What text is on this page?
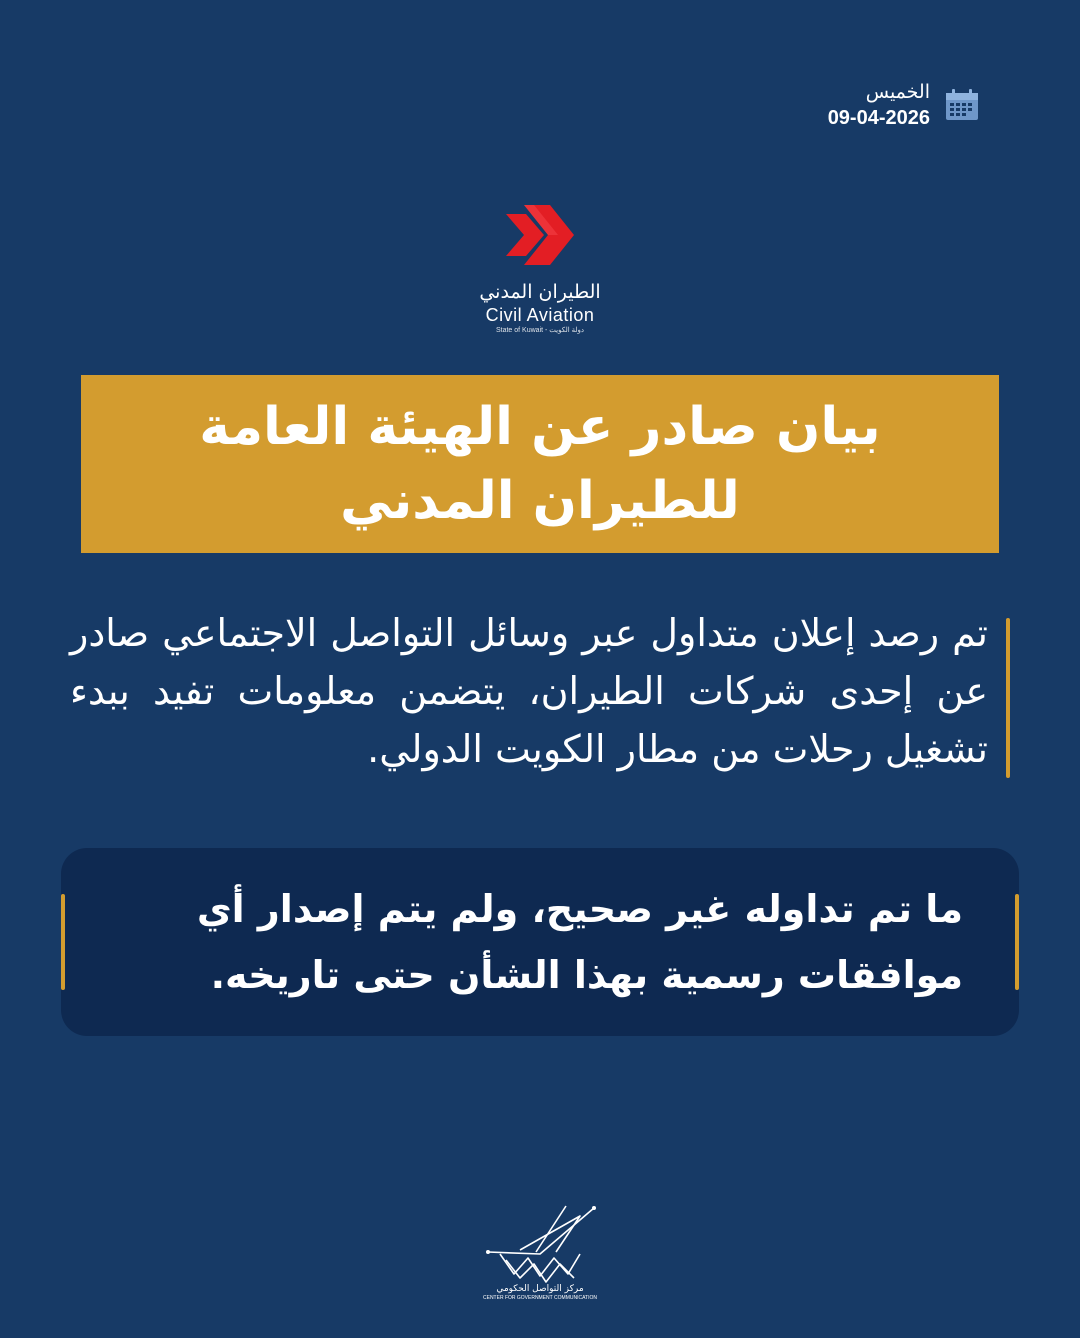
الخميس
09-04-2026
الطيران المدني
Civil Aviation
State of Kuwait - دولة الكويت
بيان صادر عن الهيئة العامة
للطيران المدني

تم رصد إعلان متداول عبر وسائل التواصل الاجتماعي صادر عن إحدى شركات الطيران، يتضمن معلومات تفيد ببدء تشغيل رحلات من مطار الكويت الدولي.

ما تم تداوله غير صحيح، ولم يتم إصدار أي موافقات رسمية بهذا الشأن حتى تاريخه.

مركز التواصل الحكومي
CENTER FOR GOVERNMENT COMMUNICATION
